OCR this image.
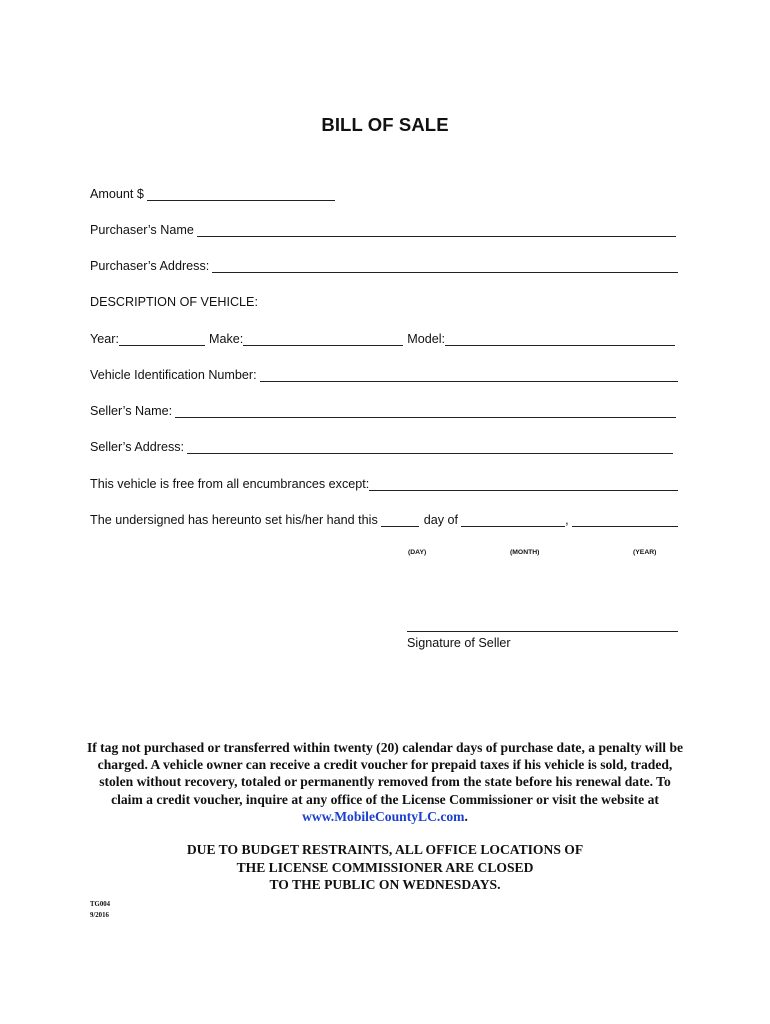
BILL OF SALE
Amount $
Purchaser’s Name
Purchaser’s Address:
DESCRIPTION OF VEHICLE:
Year:	Make:	Model:
Vehicle Identification Number:
Seller’s Name:
Seller’s Address:
This vehicle is free from all encumbrances except:
The undersigned has hereunto set his/her hand this	day of	,
(DAY)	(MONTH)	(YEAR)
Signature of Seller
If tag not purchased or transferred within twenty (20) calendar days of purchase date, a penalty will be charged. A vehicle owner can receive a credit voucher for prepaid taxes if his vehicle is sold, traded, stolen without recovery, totaled or permanently removed from the state before his renewal date. To claim a credit voucher, inquire at any office of the License Commissioner or visit the website at www.MobileCountyLC.com.
DUE TO BUDGET RESTRAINTS, ALL OFFICE LOCATIONS OF
THE LICENSE COMMISSIONER ARE CLOSED
TO THE PUBLIC ON WEDNESDAYS.
TG004
9/2016
